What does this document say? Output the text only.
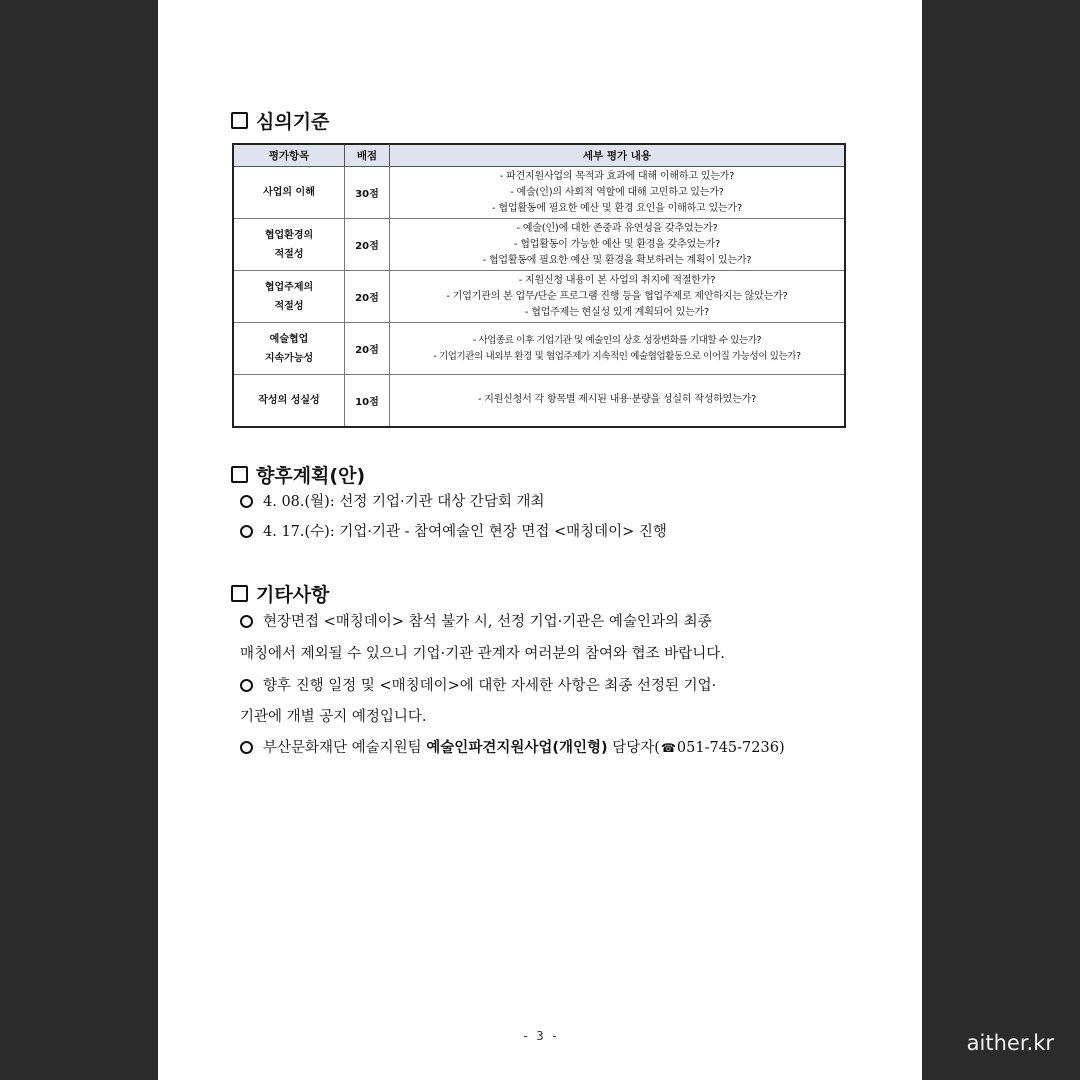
심의기준
평가항목	배점	세부 평가 내용

사업의 이해	30점	- 파견지원사업의 목적과 효과에 대해 이해하고 있는가?
- 예술(인)의 사회적 역할에 대해 고민하고 있는가?
- 협업활동에 필요한 예산 및 환경 요인을 이해하고 있는가?

협업환경의
적절성	20점	- 예술(인)에 대한 존중과 유연성을 갖추었는가?
- 협업활동이 가능한 예산 및 환경을 갖추었는가?
- 협업활동에 필요한 예산 및 환경을 확보하려는 계획이 있는가?

협업주제의
적절성	20점	- 지원신청 내용이 본 사업의 취지에 적절한가?
- 기업기관의 본 업무/단순 프로그램 진행 등을 협업주제로 제안하지는 않았는가?
- 협업주제는 현실성 있게 계획되어 있는가?

예술협업
지속가능성	20점	- 사업종료 이후 기업기관 및 예술인의 상호 성장변화를 기대할 수 있는가?
- 기업기관의 내외부 환경 및 협업주제가 지속적인 예술협업활동으로 이어질 가능성이 있는가?

작성의 성실성	10점	- 지원신청서 각 항목별 제시된 내용·분량을 성실히 작성하였는가?
향후계획(안)
4. 08.(월): 선정 기업·기관 대상 간담회 개최
4. 17.(수): 기업·기관 - 참여예술인 현장 면접 <매칭데이> 진행
기타사항
현장면접 <매칭데이> 참석 불가 시, 선정 기업·기관은 예술인과의 최종
매칭에서 제외될 수 있으니 기업·기관 관계자 여러분의 참여와 협조 바랍니다.
향후 진행 일정 및 <매칭데이>에 대한 자세한 사항은 최종 선정된 기업·
기관에 개별 공지 예정입니다.
부산문화재단 예술지원팀 예술인파견지원사업(개인형) 담당자(☎051-745-7236)
- 3 -	aither.kr
